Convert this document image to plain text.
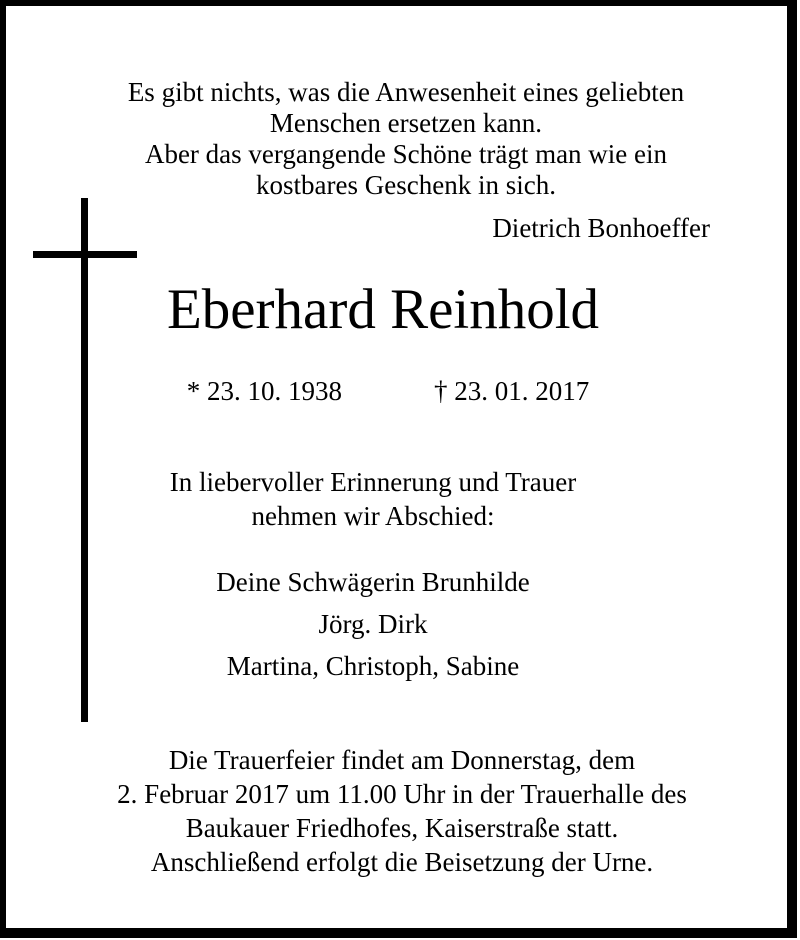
Es gibt nichts, was die Anwesenheit eines geliebten
Menschen ersetzen kann.
Aber das vergangende Schöne trägt man wie ein
kostbares Geschenk in sich.
Dietrich Bonhoeffer
Eberhard Reinhold
* 23. 10. 1938	† 23. 01. 2017
In liebervoller Erinnerung und Trauer
nehmen wir Abschied:
Deine Schwägerin Brunhilde
Jörg. Dirk
Martina, Christoph, Sabine
Die Trauerfeier findet am Donnerstag, dem
2. Februar 2017 um 11.00 Uhr in der Trauerhalle des
Baukauer Friedhofes, Kaiserstraße statt.
Anschließend erfolgt die Beisetzung der Urne.
